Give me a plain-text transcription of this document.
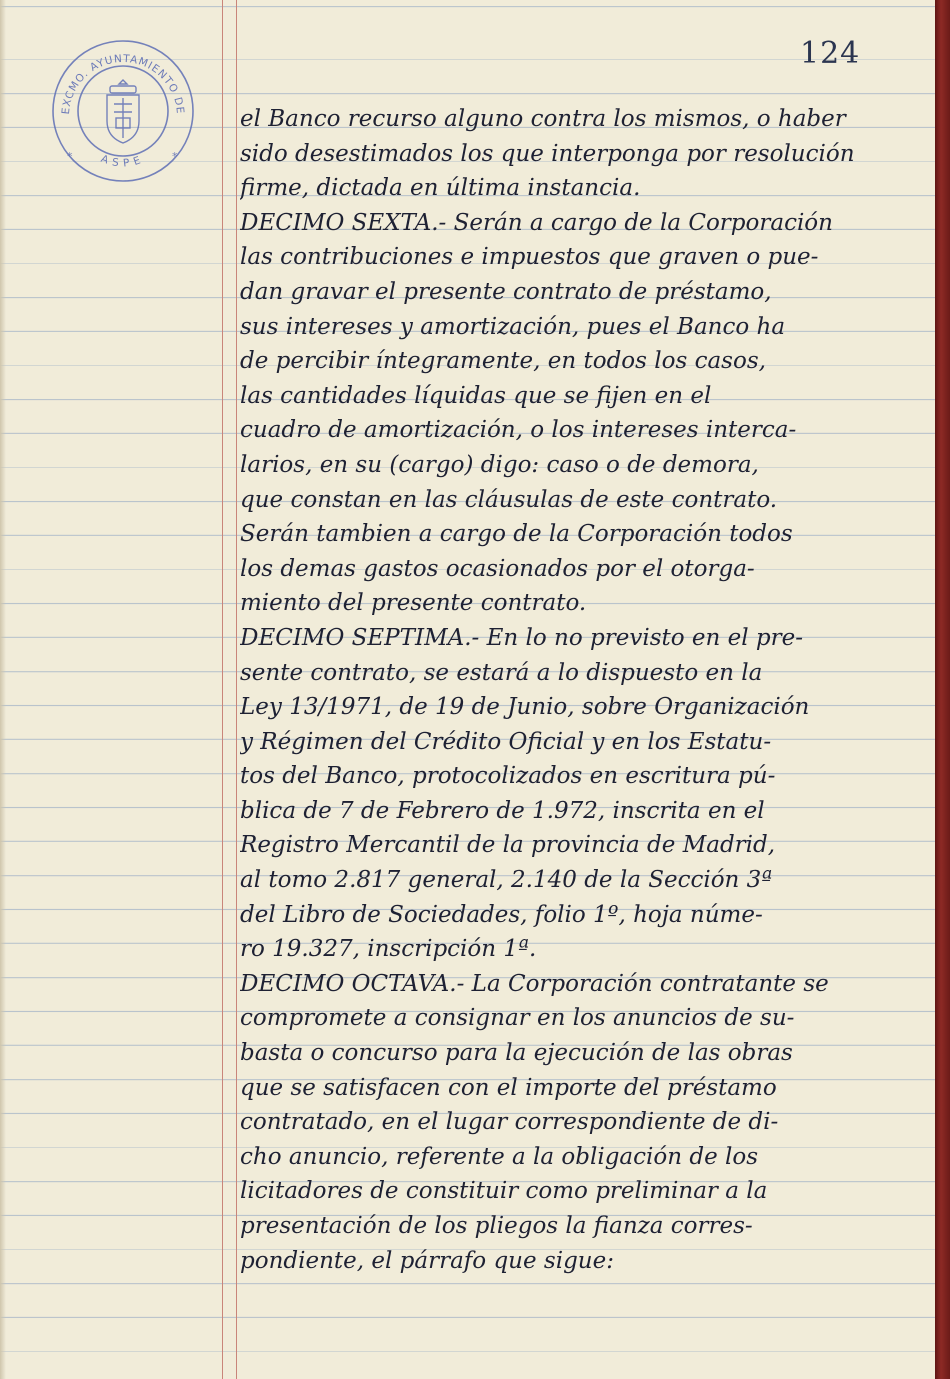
EXCMO. AYUNTAMIENTO DE
ASPE
*	*
124
el Banco recurso alguno contra los mismos, o haber
sido desestimados los que interponga por resolución
firme, dictada en última instancia.
DECIMO SEXTA.- Serán a cargo de la Corporación
las contribuciones e impuestos que graven o pue-
dan gravar el presente contrato de préstamo,
sus intereses y amortización, pues el Banco ha
de percibir íntegramente, en todos los casos,
las cantidades líquidas que se fijen en el
cuadro de amortización, o los intereses interca-
larios, en su (cargo) digo: caso o de demora,
que constan en las cláusulas de este contrato.
Serán tambien a cargo de la Corporación todos
los demas gastos ocasionados por el otorga-
miento del presente contrato.
DECIMO SEPTIMA.- En lo no previsto en el pre-
sente contrato, se estará a lo dispuesto en la
Ley 13/1971, de 19 de Junio, sobre Organización
y Régimen del Crédito Oficial y en los Estatu-
tos del Banco, protocolizados en escritura pú-
blica de 7 de Febrero de 1.972, inscrita en el
Registro Mercantil de la provincia de Madrid,
al tomo 2.817 general, 2.140 de la Sección 3ª
del Libro de Sociedades, folio 1º, hoja núme-
ro 19.327, inscripción 1ª.
DECIMO OCTAVA.- La Corporación contratante se
compromete a consignar en los anuncios de su-
basta o concurso para la ejecución de las obras
que se satisfacen con el importe del préstamo
contratado, en el lugar correspondiente de di-
cho anuncio, referente a la obligación de los
licitadores de constituir como preliminar a la
presentación de los pliegos la fianza corres-
pondiente, el párrafo que sigue:
